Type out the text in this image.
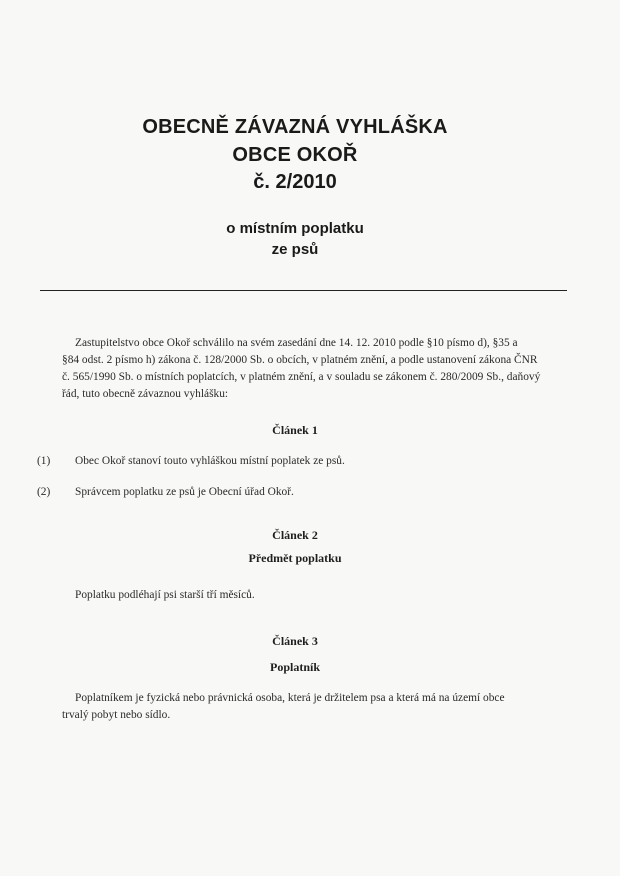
OBECNĚ ZÁVAZNÁ VYHLÁŠKA
OBCE OKOŘ
č. 2/2010

o místním poplatku

ze psů

Zastupitelstvo obce Okoř schválilo na svém zasedání dne 14. 12. 2010 podle §10 písmo d), §35 a
§84 odst. 2 písmo h) zákona č. 128/2000 Sb. o obcích, v platném znění, a podle ustanovení zákona ČNR
č. 565/1990 Sb. o místních poplatcích, v platném znění, a v souladu se zákonem č. 280/2009 Sb., daňový
řád, tuto obecně závaznou vyhlášku:

Článek 1

(1) Obec Okoř stanoví touto vyhláškou místní poplatek ze psů.
(2) Správcem poplatku ze psů je Obecní úřad Okoř.

Článek 2

Předmět poplatku

Poplatku podléhají psi starší tří měsíců.

Článek 3

Poplatník

Poplatníkem je fyzická nebo právnická osoba, která je držitelem psa a která má na území obce
trvalý pobyt nebo sídlo.
